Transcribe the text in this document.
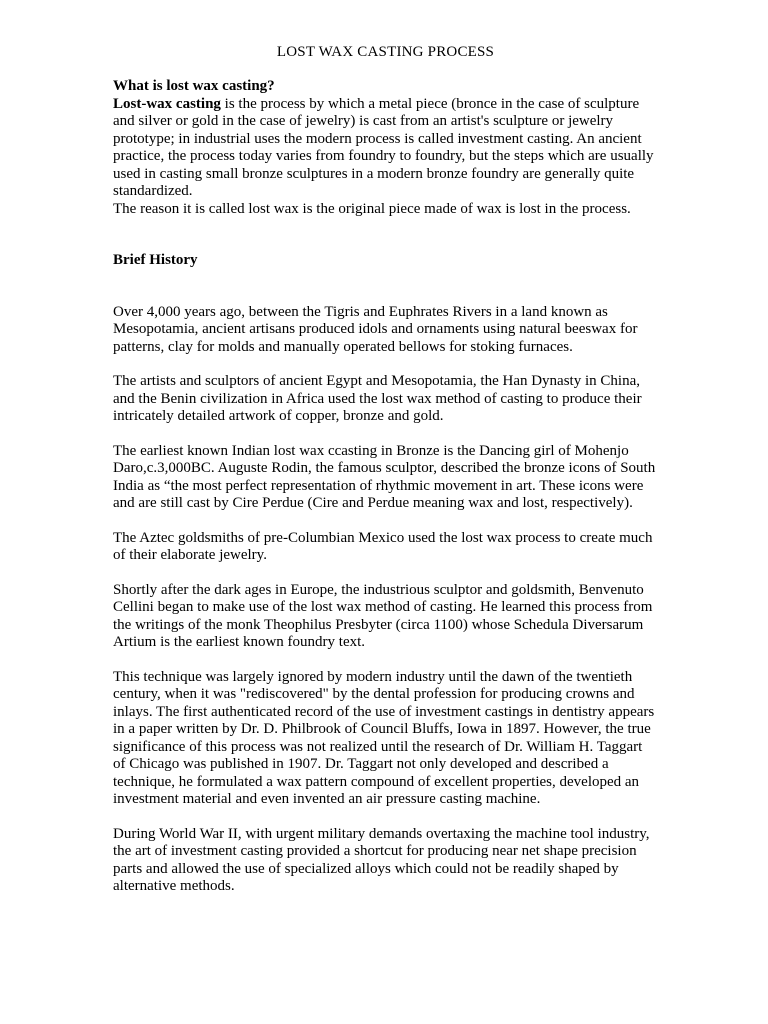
LOST WAX CASTING PROCESS

What is lost wax casting?

Lost-wax casting is the process by which a metal piece (bronce in the case of sculpture and silver or gold in the case of jewelry) is cast from an artist's sculpture or jewelry prototype; in industrial uses the modern process is called investment casting. An ancient practice, the process today varies from foundry to foundry, but the steps which are usually used in casting small bronze sculptures in a modern bronze foundry are generally quite standardized.

The reason it is called lost wax is the original piece made of wax is lost in the process.

Brief History

Over 4,000 years ago, between the Tigris and Euphrates Rivers in a land known as Mesopotamia, ancient artisans produced idols and ornaments using natural beeswax for patterns, clay for molds and manually operated bellows for stoking furnaces.

The artists and sculptors of ancient Egypt and Mesopotamia, the Han Dynasty in China, and the Benin civilization in Africa used the lost wax method of casting to produce their intricately detailed artwork of copper, bronze and gold.

The earliest known Indian lost wax ccasting in Bronze is the Dancing girl of Mohenjo Daro,c.3,000BC. Auguste Rodin, the famous sculptor, described the bronze icons of South India as “the most perfect representation of rhythmic movement in art. These icons were and are still cast by Cire Perdue (Cire and Perdue meaning wax and lost, respectively).

The Aztec goldsmiths of pre-Columbian Mexico used the lost wax process to create much of their elaborate jewelry.

Shortly after the dark ages in Europe, the industrious sculptor and goldsmith, Benvenuto Cellini began to make use of the lost wax method of casting. He learned this process from the writings of the monk Theophilus Presbyter (circa 1100) whose Schedula Diversarum Artium is the earliest known foundry text.

This technique was largely ignored by modern industry until the dawn of the twentieth century, when it was "rediscovered" by the dental profession for producing crowns and inlays. The first authenticated record of the use of investment castings in dentistry appears in a paper written by Dr. D. Philbrook of Council Bluffs, Iowa in 1897. However, the true significance of this process was not realized until the research of Dr. William H. Taggart of Chicago was published in 1907. Dr. Taggart not only developed and described a technique, he formulated a wax pattern compound of excellent properties, developed an investment material and even invented an air pressure casting machine.

During World War II, with urgent military demands overtaxing the machine tool industry, the art of investment casting provided a shortcut for producing near net shape precision parts and allowed the use of specialized alloys which could not be readily shaped by alternative methods.
